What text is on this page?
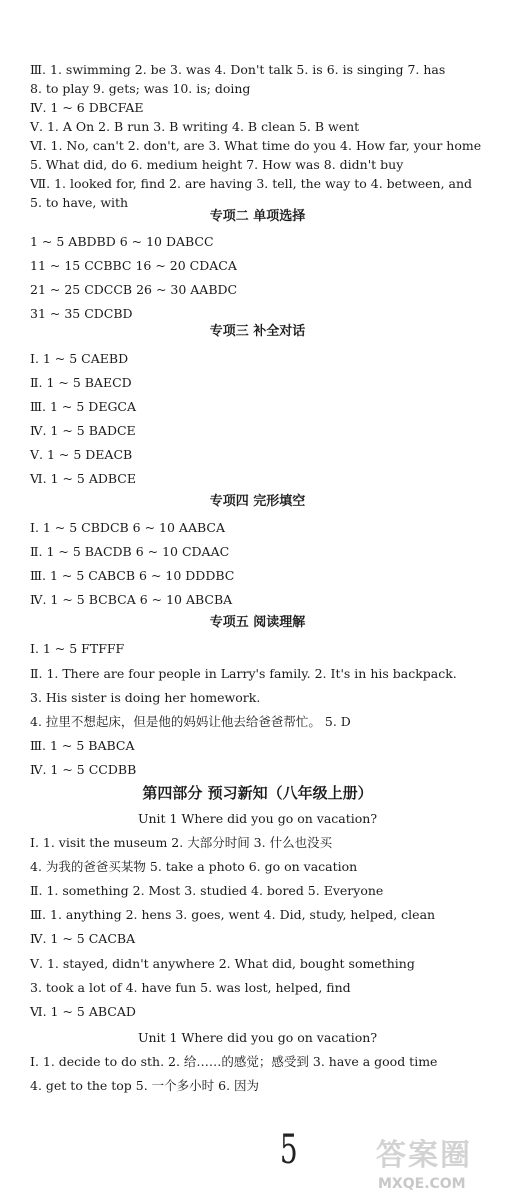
Ⅲ. 1. swimming 2. be 3. was 4. Don't talk 5. is 6. is singing 7. has
8. to play 9. gets; was 10. is; doing
Ⅳ. 1 ~ 6 DBCFAE
Ⅴ. 1. A On 2. B run 3. B writing 4. B clean 5. B went
Ⅵ. 1. No, can't 2. don't, are 3. What time do you 4. How far, your home
5. What did, do 6. medium height 7. How was 8. didn't buy
Ⅶ. 1. looked for, find 2. are having 3. tell, the way to 4. between, and
5. to have, with
专项二 单项选择
1 ~ 5 ABDBD 6 ~ 10 DABCC
11 ~ 15 CCBBC 16 ~ 20 CDACA
21 ~ 25 CDCCB 26 ~ 30 AABDC
31 ~ 35 CDCBD
专项三 补全对话
Ⅰ. 1 ~ 5 CAEBD
Ⅱ. 1 ~ 5 BAECD
Ⅲ. 1 ~ 5 DEGCA
Ⅳ. 1 ~ 5 BADCE
Ⅴ. 1 ~ 5 DEACB
Ⅵ. 1 ~ 5 ADBCE
专项四 完形填空
Ⅰ. 1 ~ 5 CBDCB 6 ~ 10 AABCA
Ⅱ. 1 ~ 5 BACDB 6 ~ 10 CDAAC
Ⅲ. 1 ~ 5 CABCB 6 ~ 10 DDDBC
Ⅳ. 1 ~ 5 BCBCA 6 ~ 10 ABCBA
专项五 阅读理解
Ⅰ. 1 ~ 5 FTFFF
Ⅱ. 1. There are four people in Larry's family. 2. It's in his backpack.
3. His sister is doing her homework.
4. 拉里不想起床，但是他的妈妈让他去给爸爸帮忙。 5. D
Ⅲ. 1 ~ 5 BABCA
Ⅳ. 1 ~ 5 CCDBB
第四部分 预习新知（八年级上册）
Unit 1 Where did you go on vacation?
Ⅰ. 1. visit the museum 2. 大部分时间 3. 什么也没买
4. 为我的爸爸买某物 5. take a photo 6. go on vacation
Ⅱ. 1. something 2. Most 3. studied 4. bored 5. Everyone
Ⅲ. 1. anything 2. hens 3. goes, went 4. Did, study, helped, clean
Ⅳ. 1 ~ 5 CACBA
Ⅴ. 1. stayed, didn't anywhere 2. What did, bought something
3. took a lot of 4. have fun 5. was lost, helped, find
Ⅵ. 1 ~ 5 ABCAD
Unit 1 Where did you go on vacation?
Ⅰ. 1. decide to do sth. 2. 给……的感觉；感受到 3. have a good time
4. get to the top 5. 一个多小时 6. 因为
5	答案圈
MXQE.COM
